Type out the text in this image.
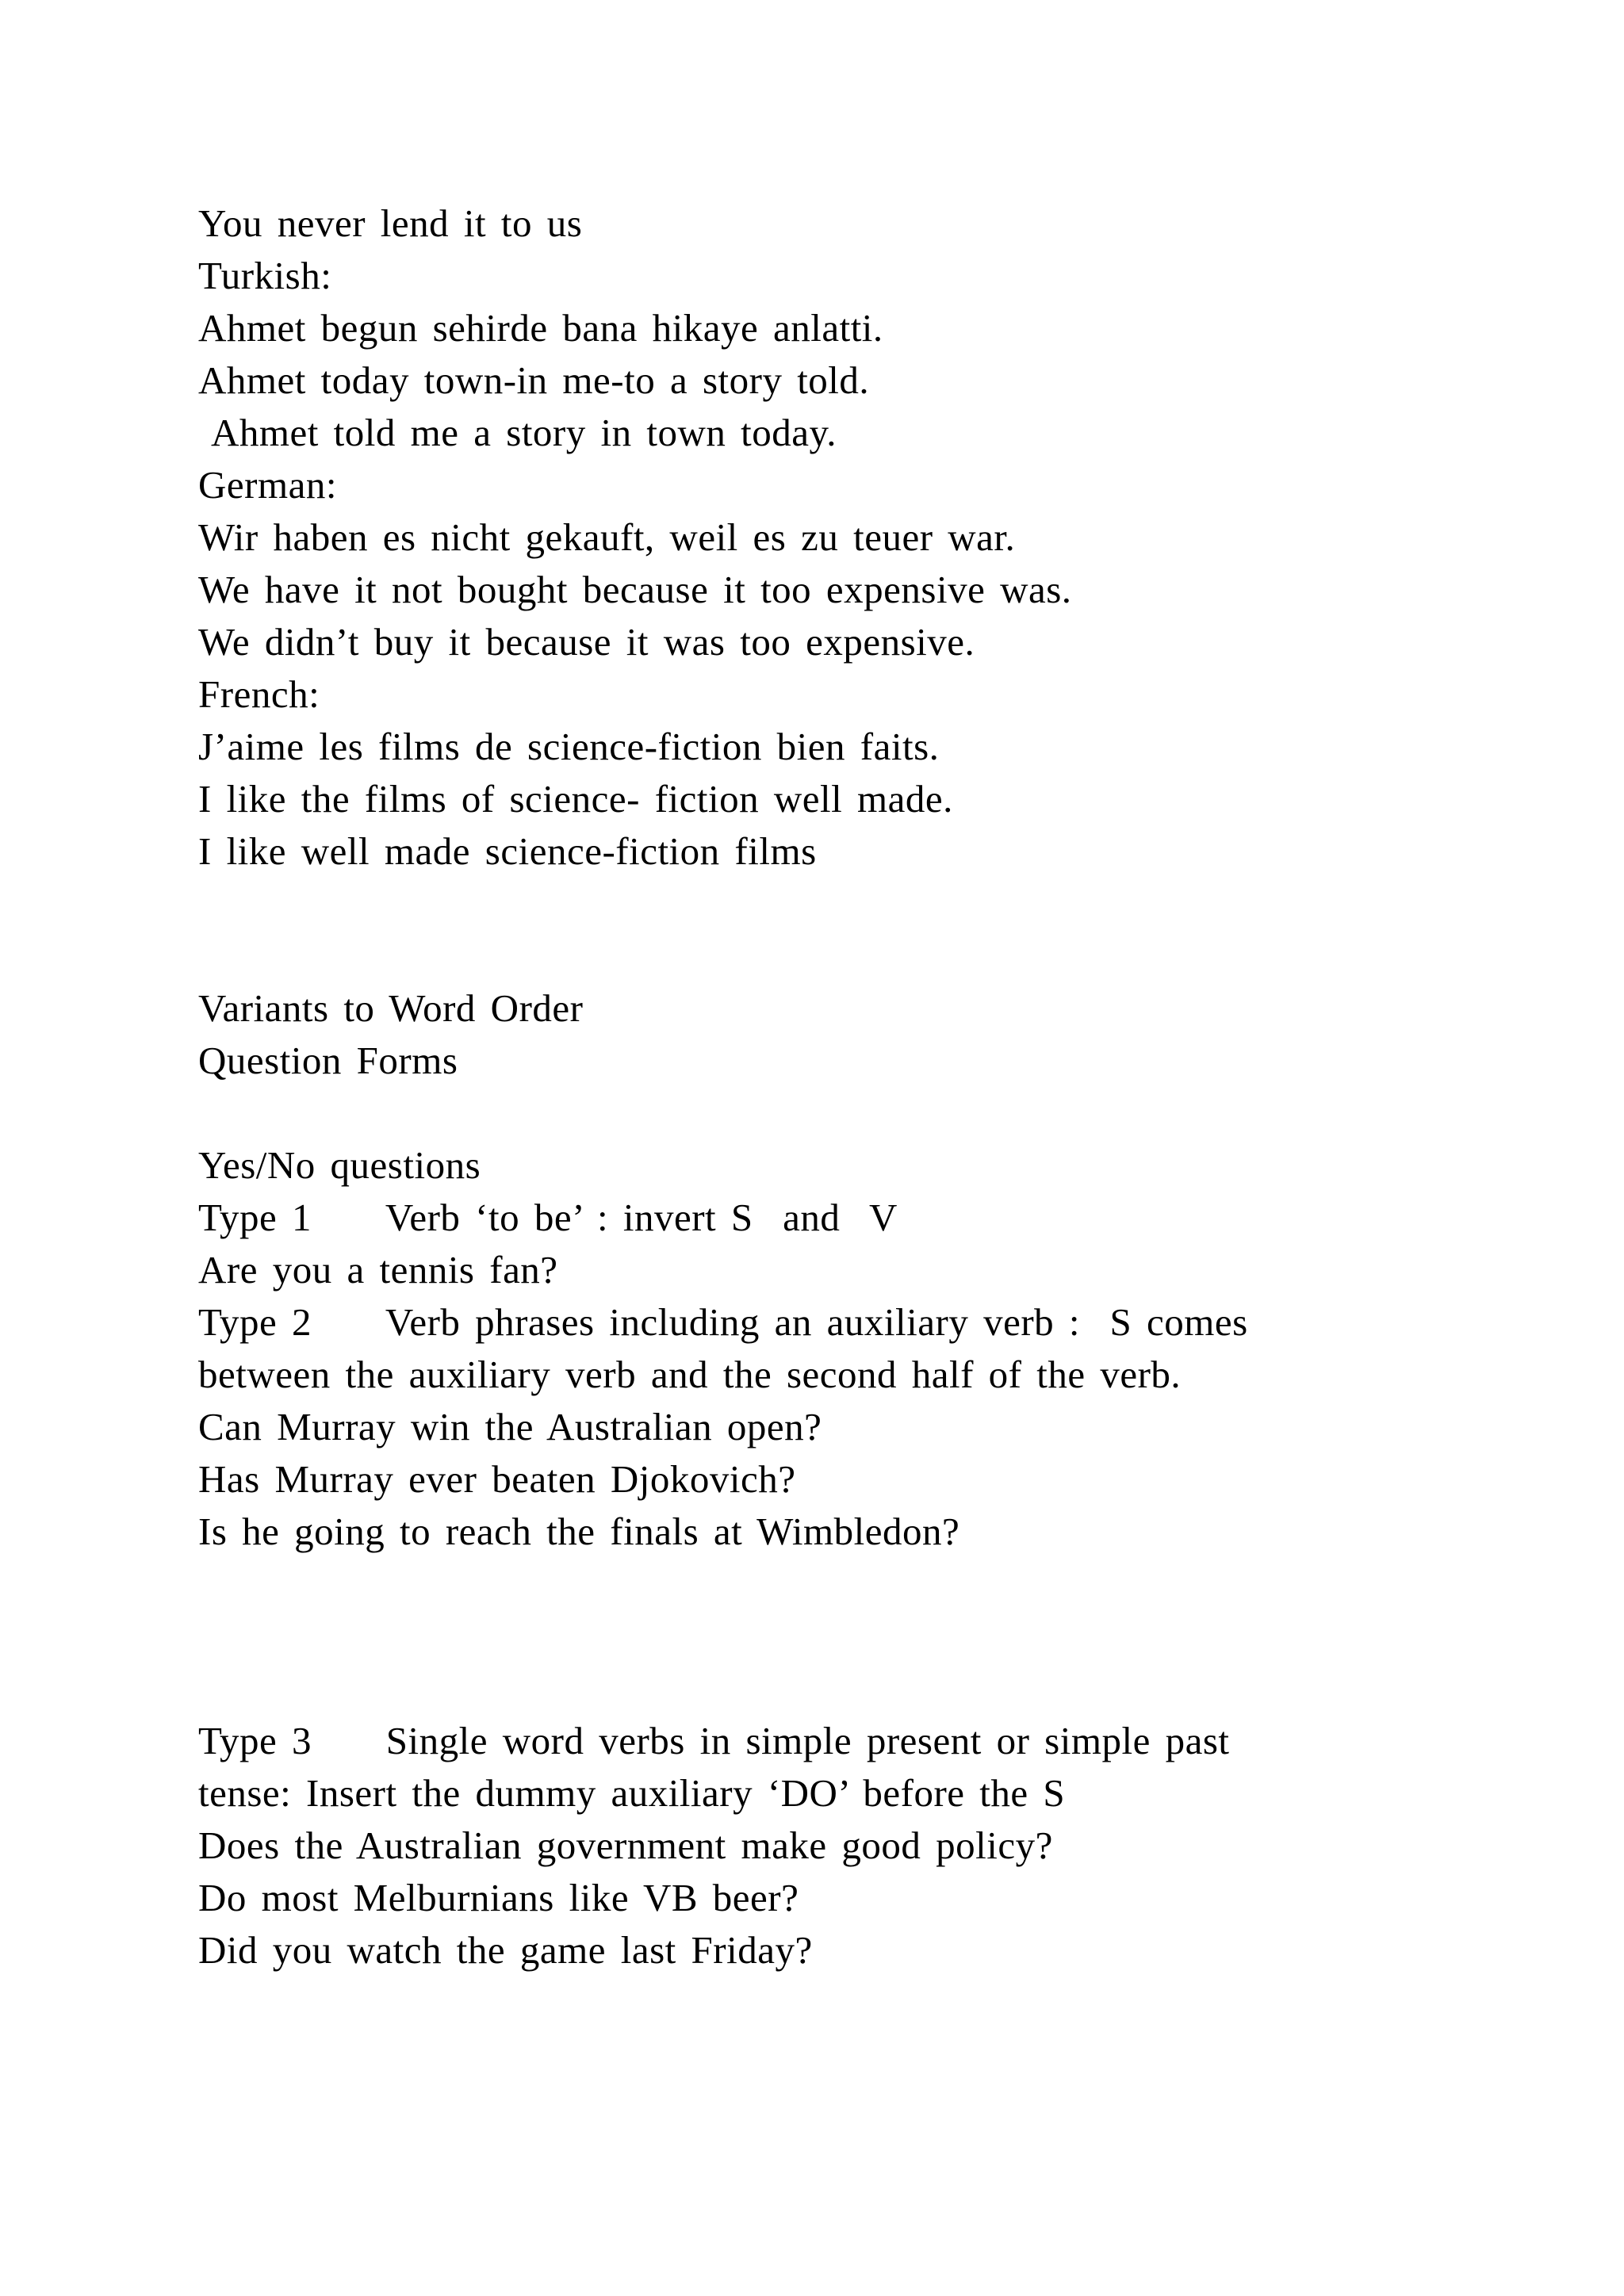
You never lend it to us

Turkish:

Ahmet begun sehirde bana hikaye anlatti.

Ahmet today town-in me-to a story told.

Ahmet told me a story in town today.

German:

Wir haben es nicht gekauft, weil es zu teuer war.

We have it not bought because it too expensive was.

We didn’t buy it because it was too expensive.

French:

J’aime les films de science-fiction bien faits.

I like the films of science- fiction well made.

I like well made science-fiction films

Variants to Word Order

Question Forms

Yes/No questions

Type 1     Verb ‘to be’ : invert S  and  V

Are you a tennis fan?

Type 2     Verb phrases including an auxiliary verb :  S comes

between the auxiliary verb and the second half of the verb.

Can Murray win the Australian open?

Has Murray ever beaten Djokovich?

Is he going to reach the finals at Wimbledon?

Type 3     Single word verbs in simple present or simple past

tense: Insert the dummy auxiliary ‘DO’ before the S

Does the Australian government make good policy?

Do most Melburnians like VB beer?

Did you watch the game last Friday?
